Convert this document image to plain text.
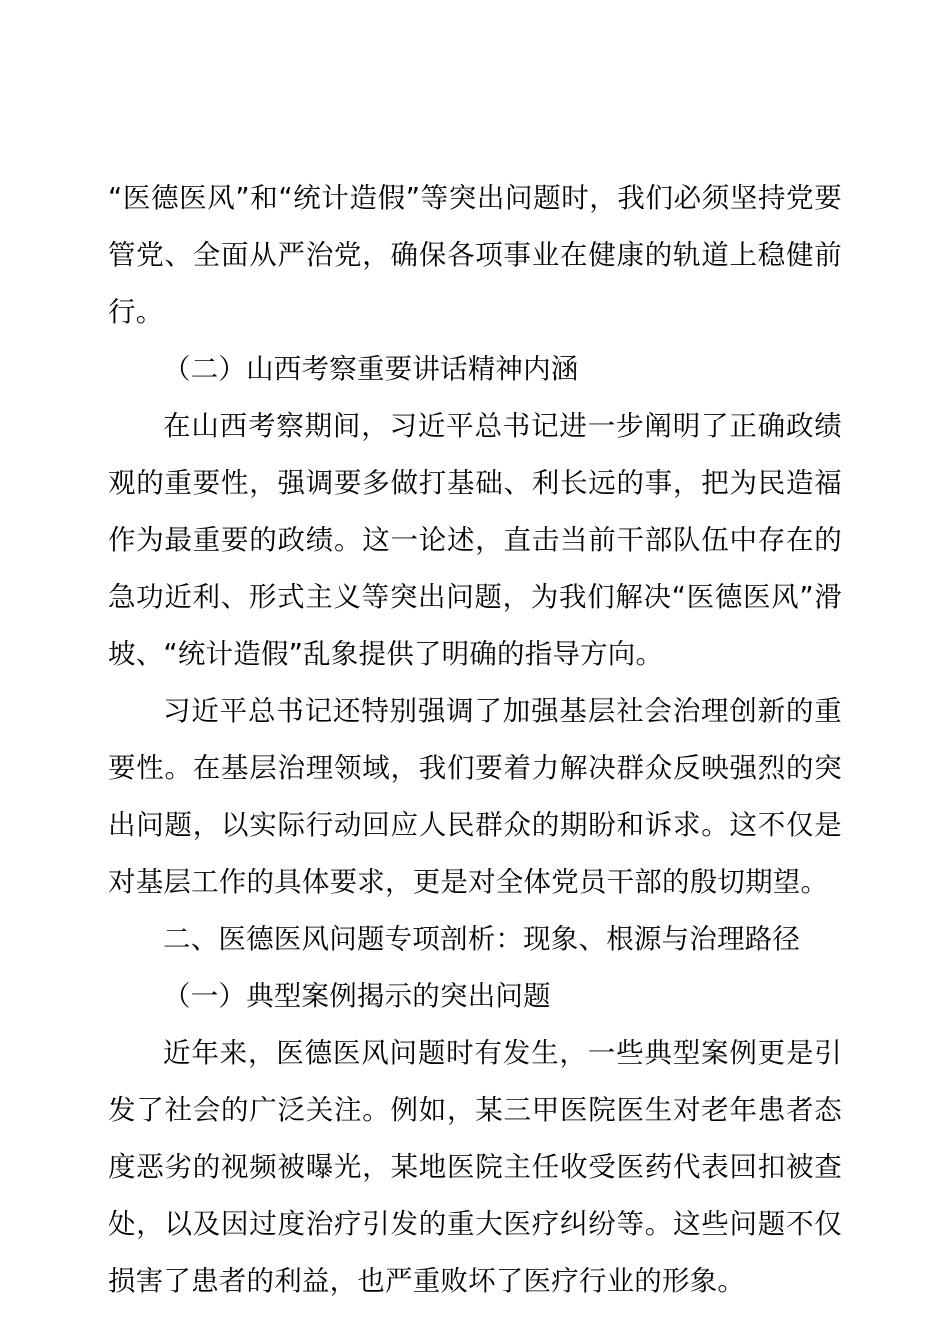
“医德医风”和“统计造假”等突出问题时，我们必须坚持党要管党、全面从严治党，确保各项事业在健康的轨道上稳健前行。

（二）山西考察重要讲话精神内涵

在山西考察期间，习近平总书记进一步阐明了正确政绩观的重要性，强调要多做打基础、利长远的事，把为民造福作为最重要的政绩。这一论述，直击当前干部队伍中存在的急功近利、形式主义等突出问题，为我们解决“医德医风”滑坡、“统计造假”乱象提供了明确的指导方向。

习近平总书记还特别强调了加强基层社会治理创新的重要性。在基层治理领域，我们要着力解决群众反映强烈的突出问题，以实际行动回应人民群众的期盼和诉求。这不仅是对基层工作的具体要求，更是对全体党员干部的殷切期望。

二、医德医风问题专项剖析：现象、根源与治理路径

（一）典型案例揭示的突出问题

近年来，医德医风问题时有发生，一些典型案例更是引发了社会的广泛关注。例如，某三甲医院医生对老年患者态度恶劣的视频被曝光，某地医院主任收受医药代表回扣被查处，以及因过度治疗引发的重大医疗纠纷等。这些问题不仅损害了患者的利益，也严重败坏了医疗行业的形象。
